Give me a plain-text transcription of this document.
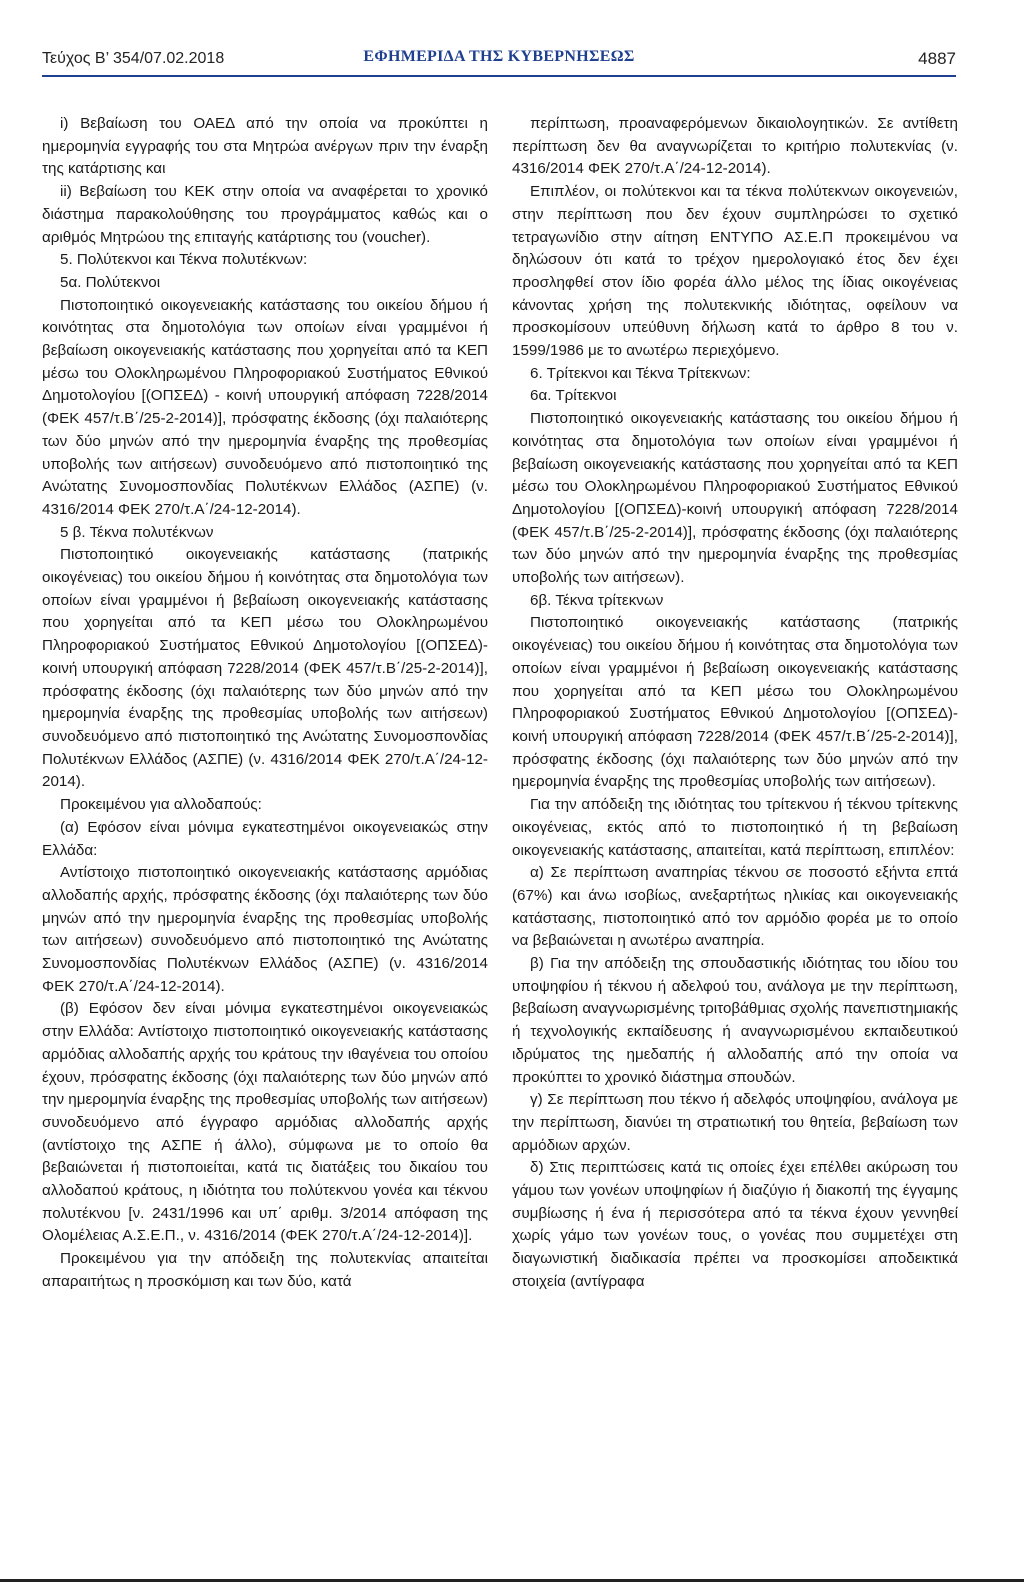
Τεύχος Β’ 354/07.02.2018	ΕΦΗΜΕΡΙΔΑ ΤΗΣ ΚΥΒΕΡΝΗΣΕΩΣ	4887

i) Βεβαίωση του ΟΑΕΔ από την οποία να προκύπτει η ημερομηνία εγγραφής του στα Μητρώα ανέργων πριν την έναρξη της κατάρτισης και

ii) Βεβαίωση του ΚΕΚ στην οποία να αναφέρεται το χρονικό διάστημα παρακολούθησης του προγράμματος καθώς και ο αριθμός Μητρώου της επιταγής κατάρτισης του (voucher).

5. Πολύτεκνοι και Τέκνα πολυτέκνων:

5α. Πολύτεκνοι

Πιστοποιητικό οικογενειακής κατάστασης του οικείου δήμου ή κοινότητας στα δημοτολόγια των οποίων είναι γραμμένοι ή βεβαίωση οικογενειακής κατάστασης που χορηγείται από τα ΚΕΠ μέσω του Ολοκληρωμένου Πληροφοριακού Συστήματος Εθνικού Δημοτολογίου [(ΟΠΣΕΔ) - κοινή υπουργική απόφαση 7228/2014 (ΦΕΚ 457/τ.Β΄/25-2-2014)], πρόσφατης έκδοσης (όχι παλαιότερης των δύο μηνών από την ημερομηνία έναρξης της προθεσμίας υποβολής των αιτήσεων) συνοδευόμενο από πιστοποιητικό της Ανώτατης Συνομοσπονδίας Πολυτέκνων Ελλάδος (ΑΣΠΕ) (ν. 4316/2014 ΦΕΚ 270/τ.Α΄/24-12-2014).

5 β. Τέκνα πολυτέκνων

Πιστοποιητικό οικογενειακής κατάστασης (πατρικής οικογένειας) του οικείου δήμου ή κοινότητας στα δημοτολόγια των οποίων είναι γραμμένοι ή βεβαίωση οικογενειακής κατάστασης που χορηγείται από τα ΚΕΠ μέσω του Ολοκληρωμένου Πληροφοριακού Συστήματος Εθνικού Δημοτολογίου [(ΟΠΣΕΔ)-κοινή υπουργική απόφαση 7228/2014 (ΦΕΚ 457/τ.Β΄/25-2-2014)], πρόσφατης έκδοσης (όχι παλαιότερης των δύο μηνών από την ημερομηνία έναρξης της προθεσμίας υποβολής των αιτήσεων) συνοδευόμενο από πιστοποιητικό της Ανώτατης Συνομοσπονδίας Πολυτέκνων Ελλάδος (ΑΣΠΕ) (ν. 4316/2014 ΦΕΚ 270/τ.Α΄/24-12-2014).

Προκειμένου για αλλοδαπούς:

(α) Εφόσον είναι μόνιμα εγκατεστημένοι οικογενειακώς στην Ελλάδα:

Αντίστοιχο πιστοποιητικό οικογενειακής κατάστασης αρμόδιας αλλοδαπής αρχής, πρόσφατης έκδοσης (όχι παλαιότερης των δύο μηνών από την ημερομηνία έναρξης της προθεσμίας υποβολής των αιτήσεων) συνοδευόμενο από πιστοποιητικό της Ανώτατης Συνομοσπονδίας Πολυτέκνων Ελλάδος (ΑΣΠΕ) (ν. 4316/2014 ΦΕΚ 270/τ.Α΄/24-12-2014).

(β) Εφόσον δεν είναι μόνιμα εγκατεστημένοι οικογενειακώς στην Ελλάδα: Αντίστοιχο πιστοποιητικό οικογενειακής κατάστασης αρμόδιας αλλοδαπής αρχής του κράτους την ιθαγένεια του οποίου έχουν, πρόσφατης έκδοσης (όχι παλαιότερης των δύο μηνών από την ημερομηνία έναρξης της προθεσμίας υποβολής των αιτήσεων) συνοδευόμενο από έγγραφο αρμόδιας αλλοδαπής αρχής (αντίστοιχο της ΑΣΠΕ ή άλλο), σύμφωνα με το οποίο θα βεβαιώνεται ή πιστοποιείται, κατά τις διατάξεις του δικαίου του αλλοδαπού κράτους, η ιδιότητα του πολύτεκνου γονέα και τέκνου πολυτέκνου [ν. 2431/1996 και υπ΄ αριθμ. 3/2014 απόφαση της Ολομέλειας Α.Σ.Ε.Π., ν. 4316/2014 (ΦΕΚ 270/τ.Α΄/24-12-2014)].

Προκειμένου για την απόδειξη της πολυτεκνίας απαιτείται απαραιτήτως η προσκόμιση και των δύο, κατά

περίπτωση, προαναφερόμενων δικαιολογητικών. Σε αντίθετη περίπτωση δεν θα αναγνωρίζεται το κριτήριο πολυτεκνίας (ν. 4316/2014 ΦΕΚ 270/τ.Α΄/24-12-2014).

Επιπλέον, οι πολύτεκνοι και τα τέκνα πολύτεκνων οικογενειών, στην περίπτωση που δεν έχουν συμπληρώσει το σχετικό τετραγωνίδιο στην αίτηση ΕΝΤΥΠΟ ΑΣ.Ε.Π προκειμένου να δηλώσουν ότι κατά το τρέχον ημερολογιακό έτος δεν έχει προσληφθεί στον ίδιο φορέα άλλο μέλος της ίδιας οικογένειας κάνοντας χρήση της πολυτεκνικής ιδιότητας, οφείλουν να προσκομίσουν υπεύθυνη δήλωση κατά το άρθρο 8 του ν. 1599/1986 με το ανωτέρω περιεχόμενο.

6. Τρίτεκνοι και Τέκνα Τρίτεκνων:

6α. Τρίτεκνοι

Πιστοποιητικό οικογενειακής κατάστασης του οικείου δήμου ή κοινότητας στα δημοτολόγια των οποίων είναι γραμμένοι ή βεβαίωση οικογενειακής κατάστασης που χορηγείται από τα ΚΕΠ μέσω του Ολοκληρωμένου Πληροφοριακού Συστήματος Εθνικού Δημοτολογίου [(ΟΠΣΕΔ)-κοινή υπουργική απόφαση 7228/2014 (ΦΕΚ 457/τ.Β΄/25-2-2014)], πρόσφατης έκδοσης (όχι παλαιότερης των δύο μηνών από την ημερομηνία έναρξης της προθεσμίας υποβολής των αιτήσεων).

6β. Τέκνα τρίτεκνων

Πιστοποιητικό οικογενειακής κατάστασης (πατρικής οικογένειας) του οικείου δήμου ή κοινότητας στα δημοτολόγια των οποίων είναι γραμμένοι ή βεβαίωση οικογενειακής κατάστασης που χορηγείται από τα ΚΕΠ μέσω του Ολοκληρωμένου Πληροφοριακού Συστήματος Εθνικού Δημοτολογίου [(ΟΠΣΕΔ)-κοινή υπουργική απόφαση 7228/2014 (ΦΕΚ 457/τ.Β΄/25-2-2014)], πρόσφατης έκδοσης (όχι παλαιότερης των δύο μηνών από την ημερομηνία έναρξης της προθεσμίας υποβολής των αιτήσεων).

Για την απόδειξη της ιδιότητας του τρίτεκνου ή τέκνου τρίτεκνης οικογένειας, εκτός από το πιστοποιητικό ή τη βεβαίωση οικογενειακής κατάστασης, απαιτείται, κατά περίπτωση, επιπλέον:

α) Σε περίπτωση αναπηρίας τέκνου σε ποσοστό εξήντα επτά (67%) και άνω ισοβίως, ανεξαρτήτως ηλικίας και οικογενειακής κατάστασης, πιστοποιητικό από τον αρμόδιο φορέα με το οποίο να βεβαιώνεται η ανωτέρω αναπηρία.

β) Για την απόδειξη της σπουδαστικής ιδιότητας του ιδίου του υποψηφίου ή τέκνου ή αδελφού του, ανάλογα με την περίπτωση, βεβαίωση αναγνωρισμένης τριτοβάθμιας σχολής πανεπιστημιακής ή τεχνολογικής εκπαίδευσης ή αναγνωρισμένου εκπαιδευτικού ιδρύματος της ημεδαπής ή αλλοδαπής από την οποία να προκύπτει το χρονικό διάστημα σπουδών.

γ) Σε περίπτωση που τέκνο ή αδελφός υποψηφίου, ανάλογα με την περίπτωση, διανύει τη στρατιωτική του θητεία, βεβαίωση των αρμόδιων αρχών.

δ) Στις περιπτώσεις κατά τις οποίες έχει επέλθει ακύρωση του γάμου των γονέων υποψηφίων ή διαζύγιο ή διακοπή της έγγαμης συμβίωσης ή ένα ή περισσότερα από τα τέκνα έχουν γεννηθεί χωρίς γάμο των γονέων τους, ο γονέας που συμμετέχει στη διαγωνιστική διαδικασία πρέπει να προσκομίσει αποδεικτικά στοιχεία (αντίγραφα
